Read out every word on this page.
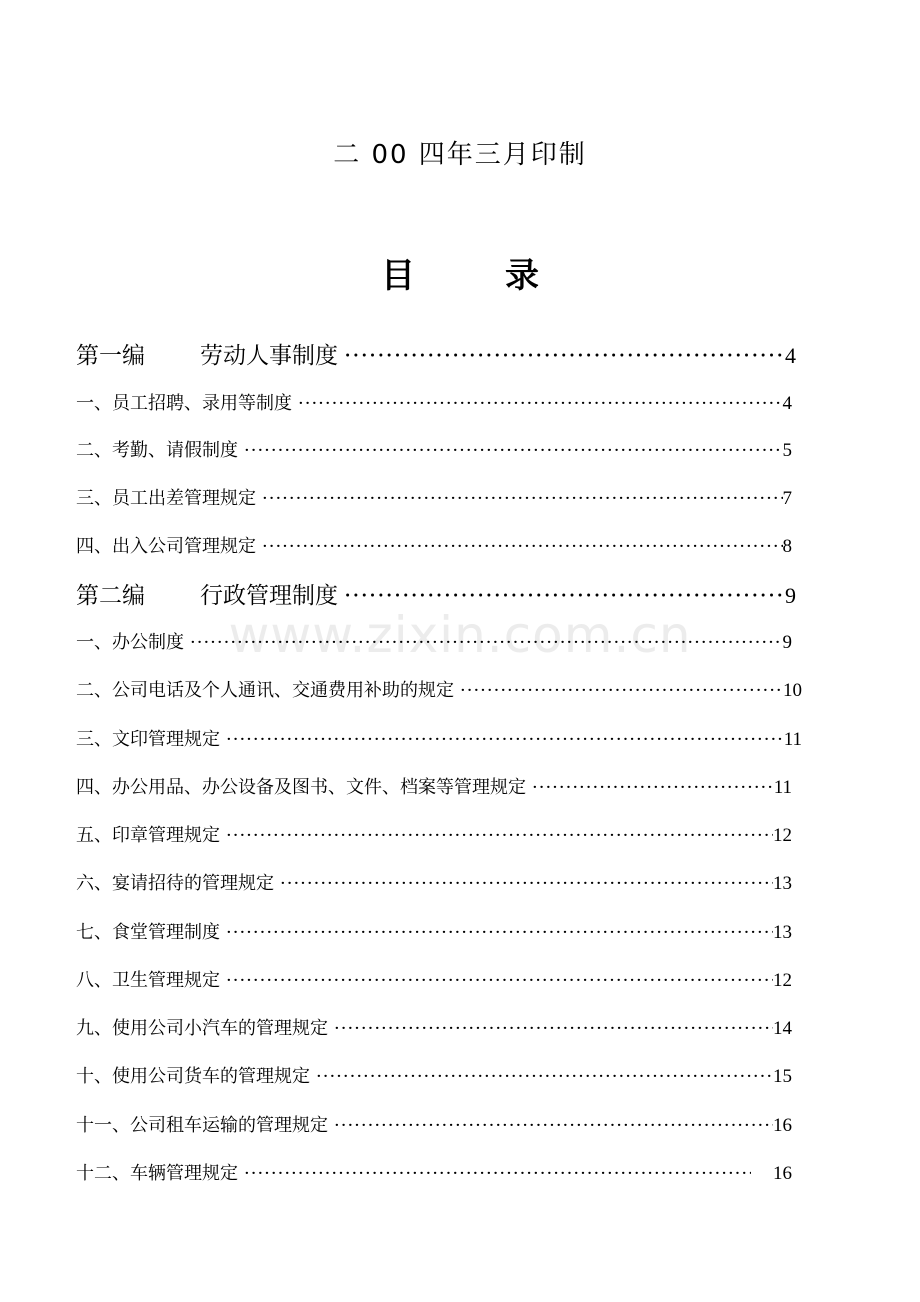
二 00 四年三月印制
目	录
www.zixin.com.cn
第一编 劳动人事制度 ·····	4
一、员工招聘、录用等制度 ·····	4
二、考勤、请假制度 ·····	5
三、员工出差管理规定 ·····	7
四、出入公司管理规定 ·····	8
第二编 行政管理制度 ·····	9
一、办公制度 ·····	9
二、公司电话及个人通讯、交通费用补助的规定 ·····	10
三、文印管理规定 ·····	11
四、办公用品、办公设备及图书、文件、档案等管理规定 ·····	11
五、印章管理规定 ·····	12
六、宴请招待的管理规定 ·····	13
七、食堂管理制度 ·····	13
八、卫生管理规定 ·····	12
九、使用公司小汽车的管理规定 ·····	14
十、使用公司货车的管理规定 ·····	15
十一、公司租车运输的管理规定 ·····	16
十二、车辆管理规定 ·····	16
